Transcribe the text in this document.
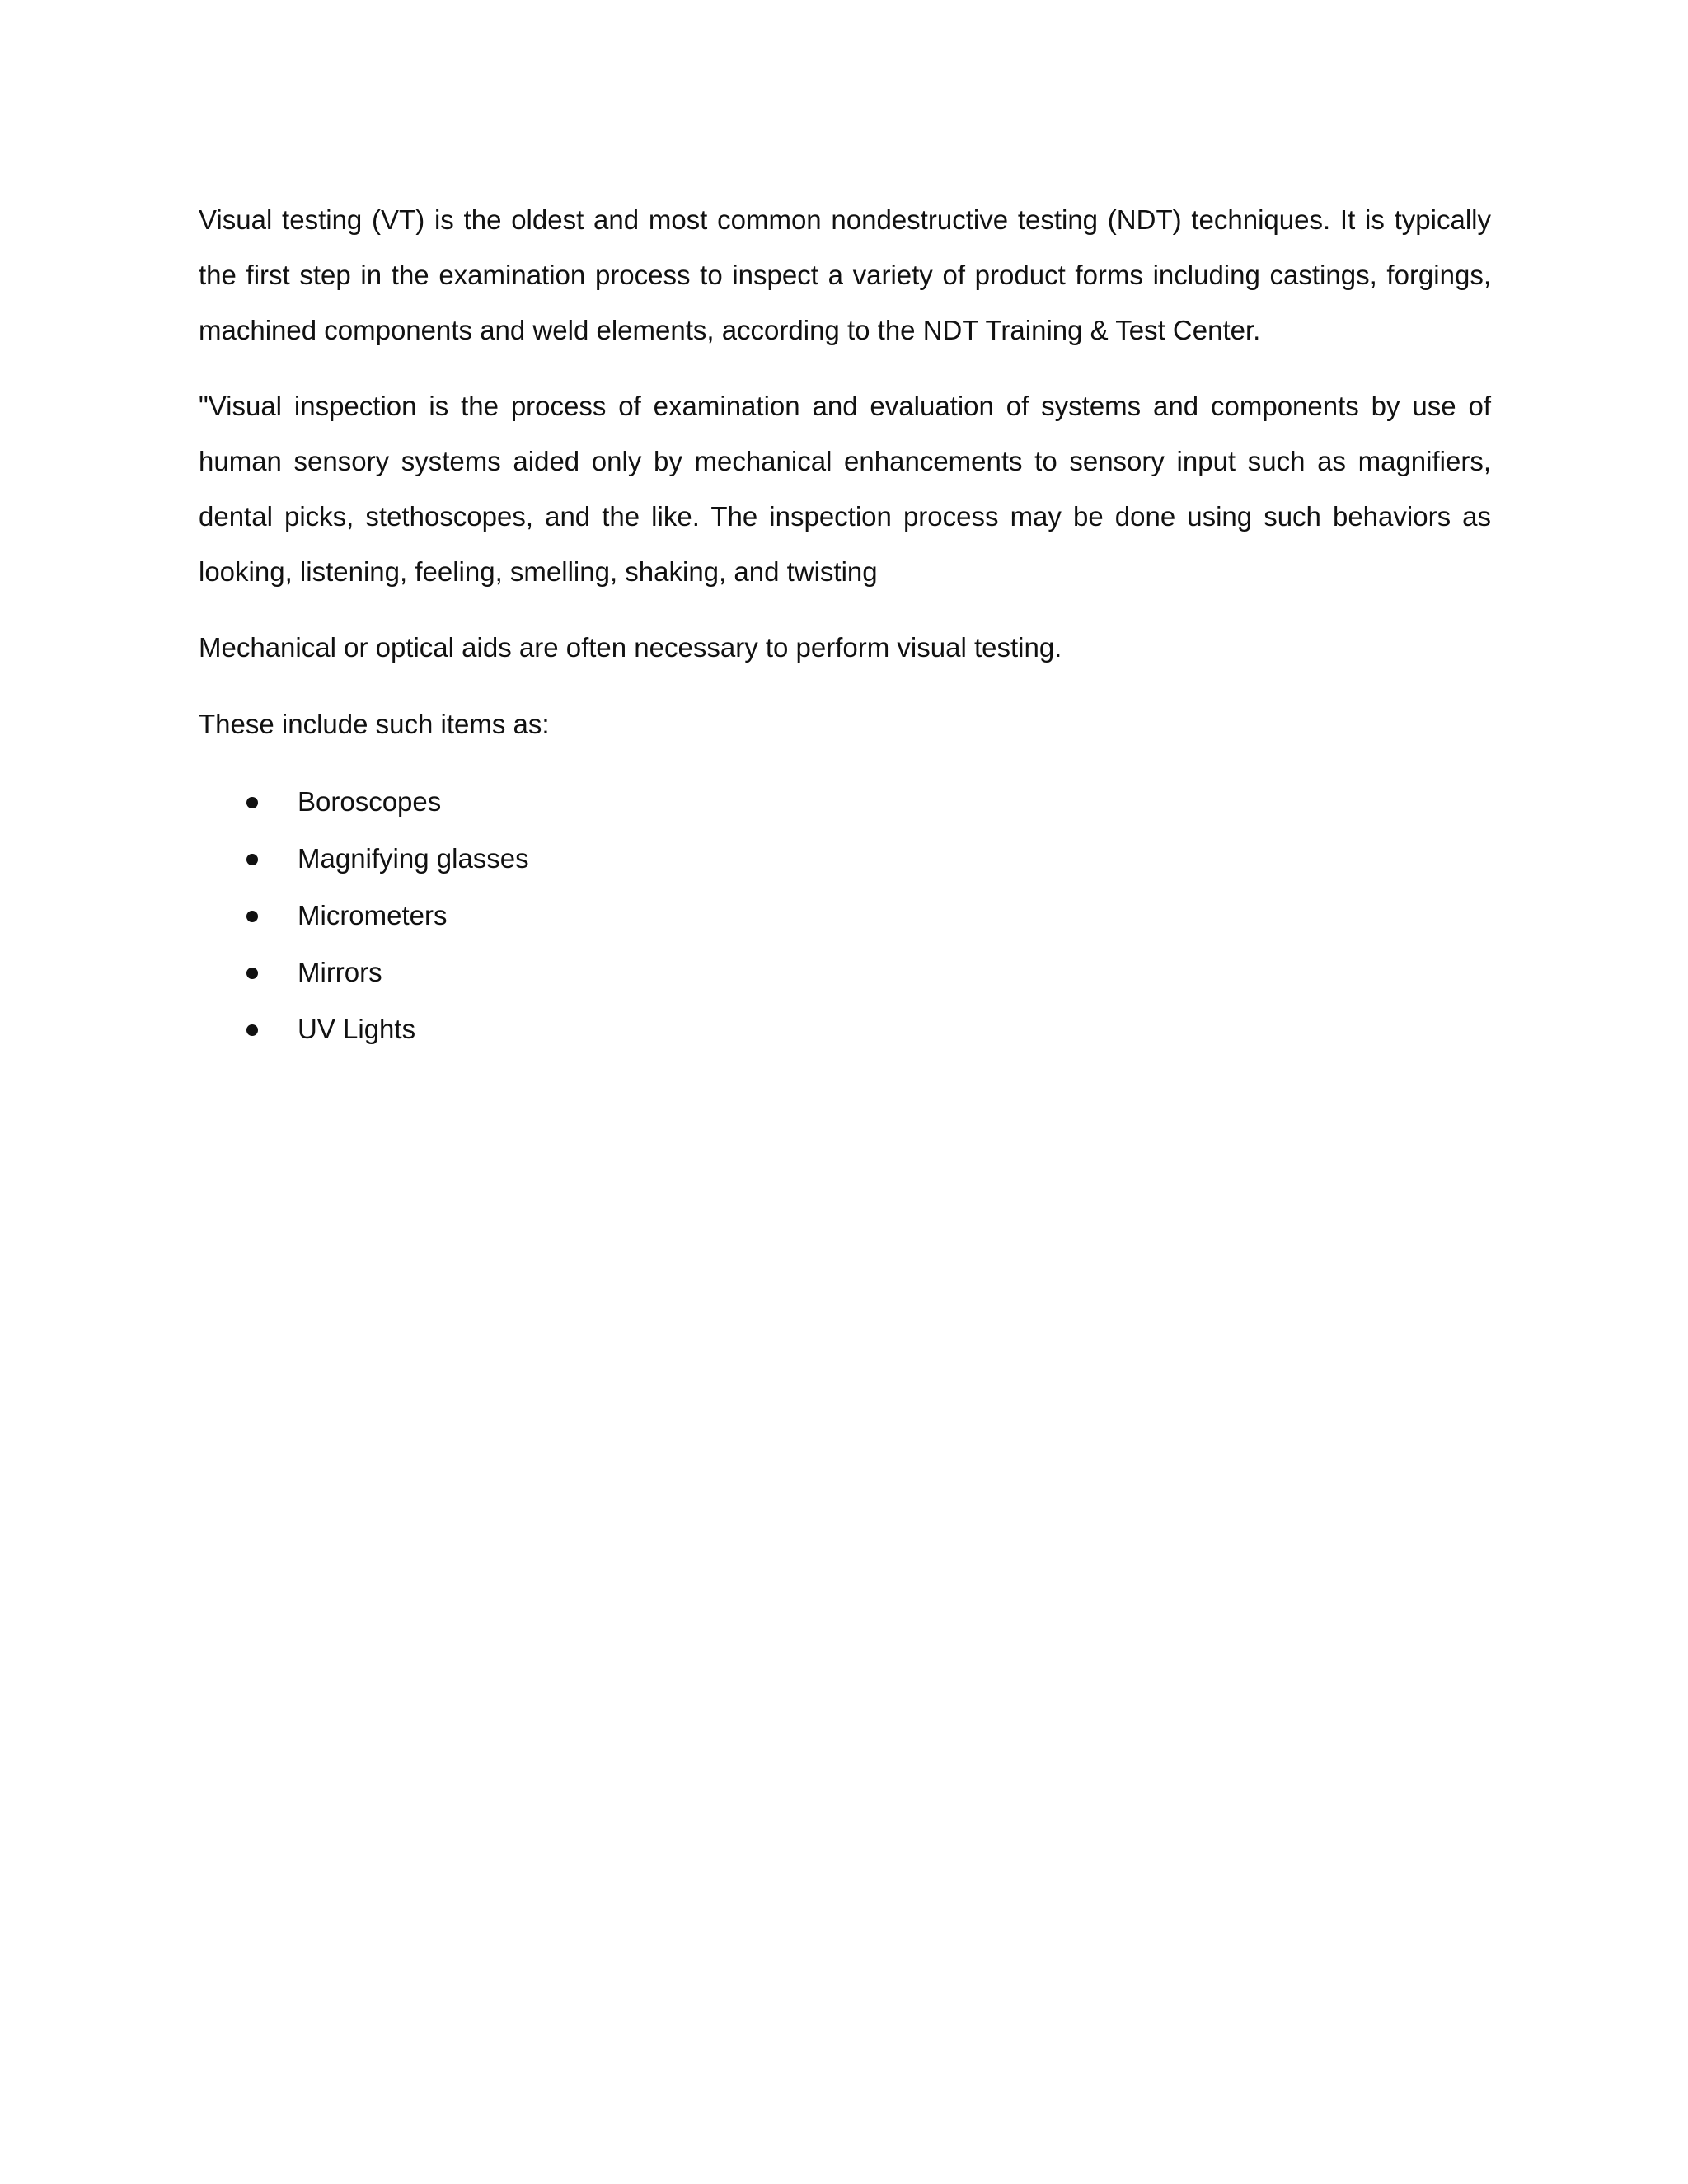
Visual testing (VT) is the oldest and most common nondestructive testing (NDT) techniques. It is typically the first step in the examination process to inspect a variety of product forms including castings, forgings, machined components and weld elements, according to the NDT Training & Test Center.

"Visual inspection is the process of examination and evaluation of systems and components by use of human sensory systems aided only by mechanical enhancements to sensory input such as magnifiers, dental picks, stethoscopes, and the like. The inspection process may be done using such behaviors as looking, listening, feeling, smelling, shaking, and twisting

Mechanical or optical aids are often necessary to perform visual testing.

These include such items as:

Boroscopes
Magnifying glasses
Micrometers
Mirrors
UV Lights
